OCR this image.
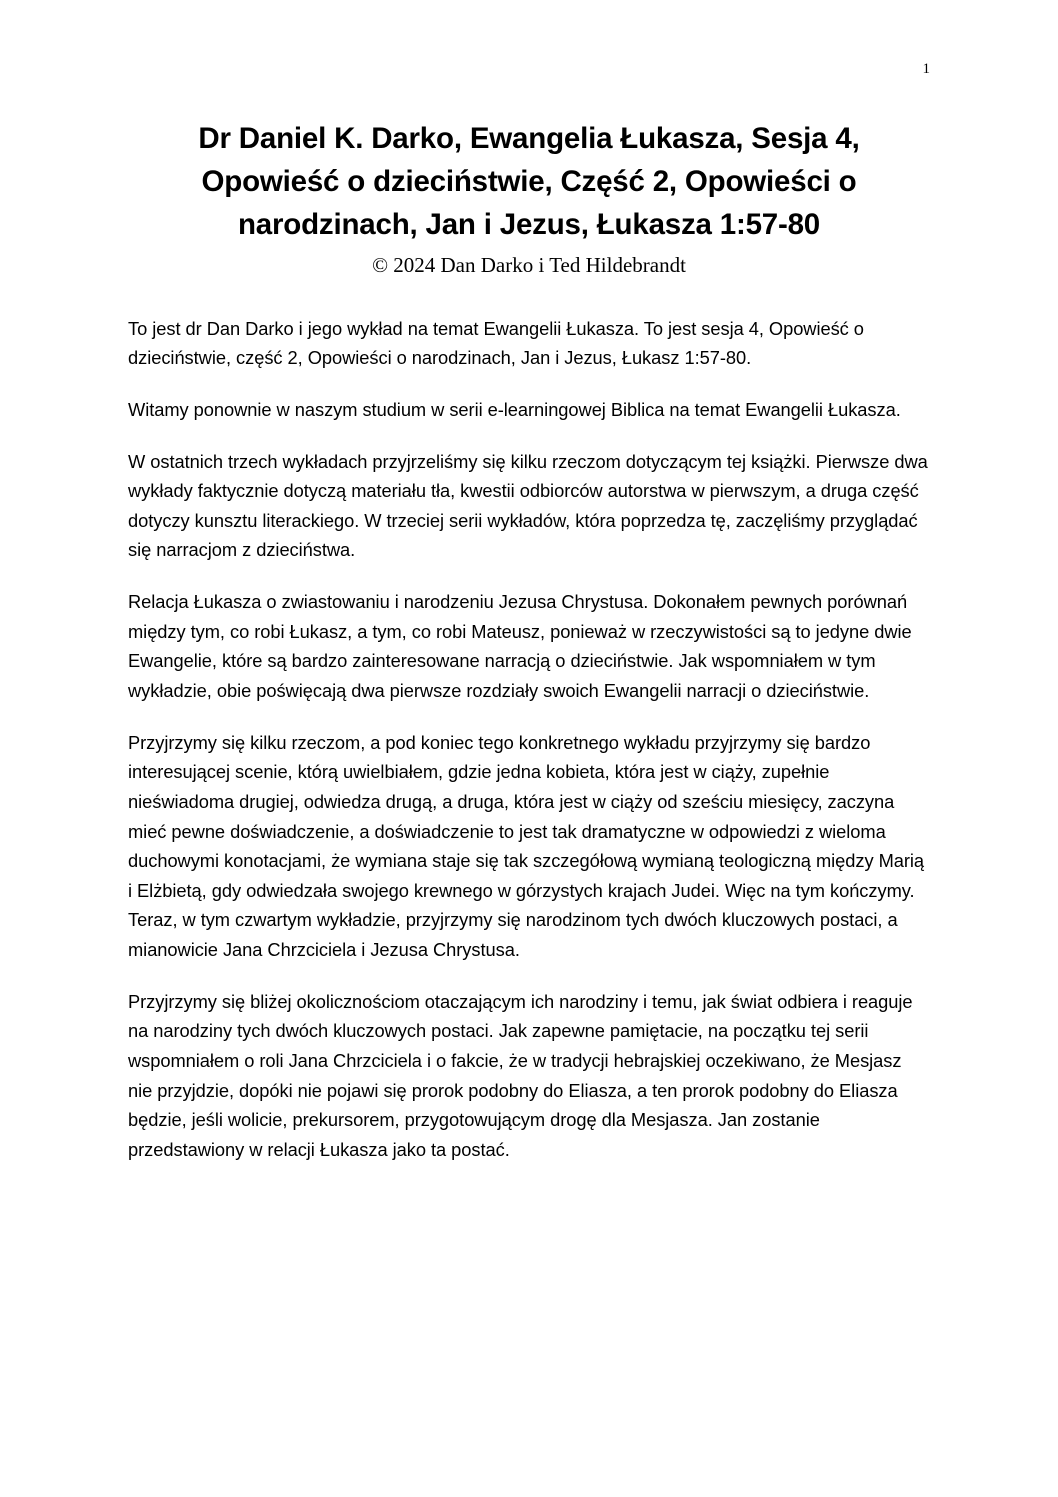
1
Dr Daniel K. Darko, Ewangelia Łukasza, Sesja 4, Opowieść o dzieciństwie, Część 2, Opowieści o narodzinach, Jan i Jezus, Łukasza 1:57-80
© 2024 Dan Darko i Ted Hildebrandt

To jest dr Dan Darko i jego wykład na temat Ewangelii Łukasza. To jest sesja 4, Opowieść o dzieciństwie, część 2, Opowieści o narodzinach, Jan i Jezus, Łukasz 1:57-80.

Witamy ponownie w naszym studium w serii e-learningowej Biblica na temat Ewangelii Łukasza.

W ostatnich trzech wykładach przyjrzeliśmy się kilku rzeczom dotyczącym tej książki. Pierwsze dwa wykłady faktycznie dotyczą materiału tła, kwestii odbiorców autorstwa w pierwszym, a druga część dotyczy kunsztu literackiego. W trzeciej serii wykładów, która poprzedza tę, zaczęliśmy przyglądać się narracjom z dzieciństwa.

Relacja Łukasza o zwiastowaniu i narodzeniu Jezusa Chrystusa. Dokonałem pewnych porównań między tym, co robi Łukasz, a tym, co robi Mateusz, ponieważ w rzeczywistości są to jedyne dwie Ewangelie, które są bardzo zainteresowane narracją o dzieciństwie. Jak wspomniałem w tym wykładzie, obie poświęcają dwa pierwsze rozdziały swoich Ewangelii narracji o dzieciństwie.

Przyjrzymy się kilku rzeczom, a pod koniec tego konkretnego wykładu przyjrzymy się bardzo interesującej scenie, którą uwielbiałem, gdzie jedna kobieta, która jest w ciąży, zupełnie nieświadoma drugiej, odwiedza drugą, a druga, która jest w ciąży od sześciu miesięcy, zaczyna mieć pewne doświadczenie, a doświadczenie to jest tak dramatyczne w odpowiedzi z wieloma duchowymi konotacjami, że wymiana staje się tak szczegółową wymianą teologiczną między Marią i Elżbietą, gdy odwiedzała swojego krewnego w górzystych krajach Judei. Więc na tym kończymy. Teraz, w tym czwartym wykładzie, przyjrzymy się narodzinom tych dwóch kluczowych postaci, a mianowicie Jana Chrzciciela i Jezusa Chrystusa.

Przyjrzymy się bliżej okolicznościom otaczającym ich narodziny i temu, jak świat odbiera i reaguje na narodziny tych dwóch kluczowych postaci. Jak zapewne pamiętacie, na początku tej serii wspomniałem o roli Jana Chrzciciela i o fakcie, że w tradycji hebrajskiej oczekiwano, że Mesjasz nie przyjdzie, dopóki nie pojawi się prorok podobny do Eliasza, a ten prorok podobny do Eliasza będzie, jeśli wolicie, prekursorem, przygotowującym drogę dla Mesjasza. Jan zostanie przedstawiony w relacji Łukasza jako ta postać.
